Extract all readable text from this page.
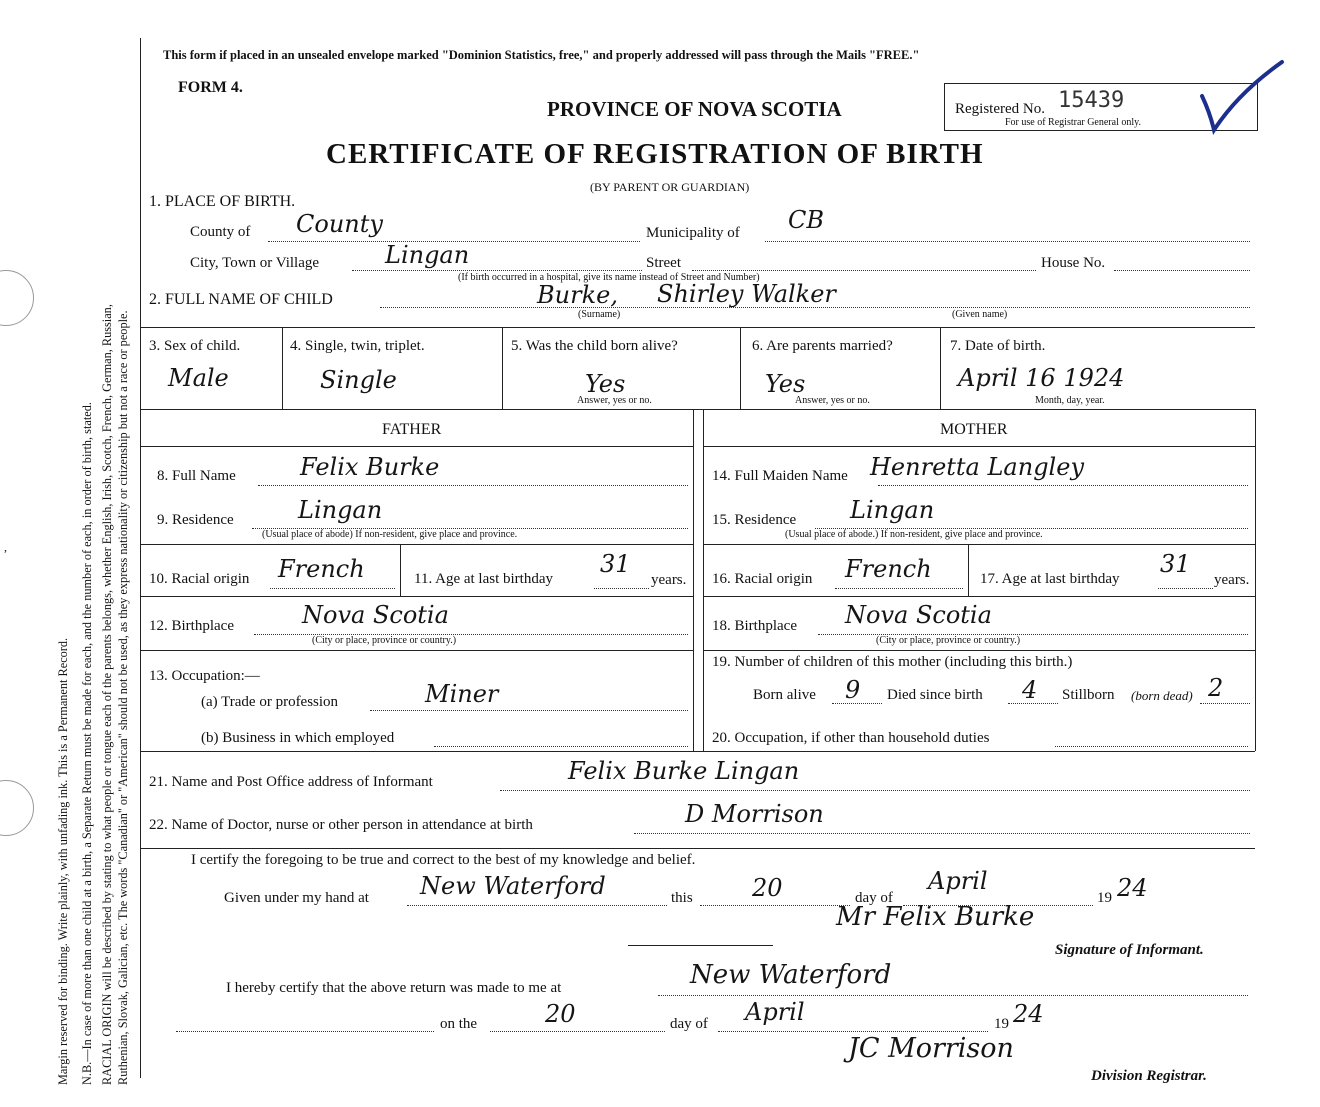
,
Margin reserved for binding. Write plainly, with unfading ink. This is a Permanent Record. N.B.—In case of more than one child at a birth, a Separate Return must be made for each, and the number of each, in order of birth, stated. RACIAL ORIGIN will be described by stating to what people or tongue each of the parents belongs, whether English, Irish, Scotch, French, German, Russian, Ruthenian, Slovak, Galician, etc. The words "Canadian" or "American" should not be used, as they express nationality or citizenship but not a race or people.
This form if placed in an unsealed envelope marked "Dominion Statistics, free," and properly addressed will pass through the Mails "FREE."
FORM 4.
PROVINCE OF NOVA SCOTIA
CERTIFICATE OF REGISTRATION OF BIRTH
(BY PARENT OR GUARDIAN)
Registered No. 15439
For use of Registrar General only.
1. PLACE OF BIRTH.
County of County	Municipality of CB
City, Town or Village	Lingan	Street	House No.
(If birth occurred in a hospital, give its name instead of Street and Number)
2. FULL NAME OF CHILD	Burke, Shirley Walker
(Surname)	(Given name)
3. Sex of child.
Male
4. Single, twin, triplet.
Single
5. Was the child born alive?
Yes
Answer, yes or no.
6. Are parents married?
Yes
Answer, yes or no.
7. Date of birth.
April 16 1924
Month, day, year.
FATHER	MOTHER
8. Full Name	Felix Burke
9. Residence	Lingan
(Usual place of abode) If non-resident, give place and province.
10. Racial origin French	11. Age at last birthday
31
years.
12. Birthplace	Nova Scotia
(City or place, province or country.)
13. Occupation:—
(a) Trade or profession	Miner
(b) Business in which employed
14. Full Maiden Name Henretta Langley
15. Residence Lingan
(Usual place of abode.) If non-resident, give place and province.
16. Racial origin French	17. Age at last birthday
31
years.
18. Birthplace Nova Scotia
(City or place, province or country.)
19. Number of children of this mother (including this birth.)
Born alive 9 Died since birth 4 Stillborn (born dead) 2
20. Occupation, if other than household duties
21. Name and Post Office address of Informant	Felix Burke Lingan
22. Name of Doctor, nurse or other person in attendance at birth	D Morrison
I certify the foregoing to be true and correct to the best of my knowledge and belief.
Given under my hand at New Waterford	this 20	day of
April
19 24
Mr Felix Burke
Signature of Informant.
I hereby certify that the above return was made to me at	New Waterford
on the	20	day of April	19 24
JC Morrison
Division Registrar.
